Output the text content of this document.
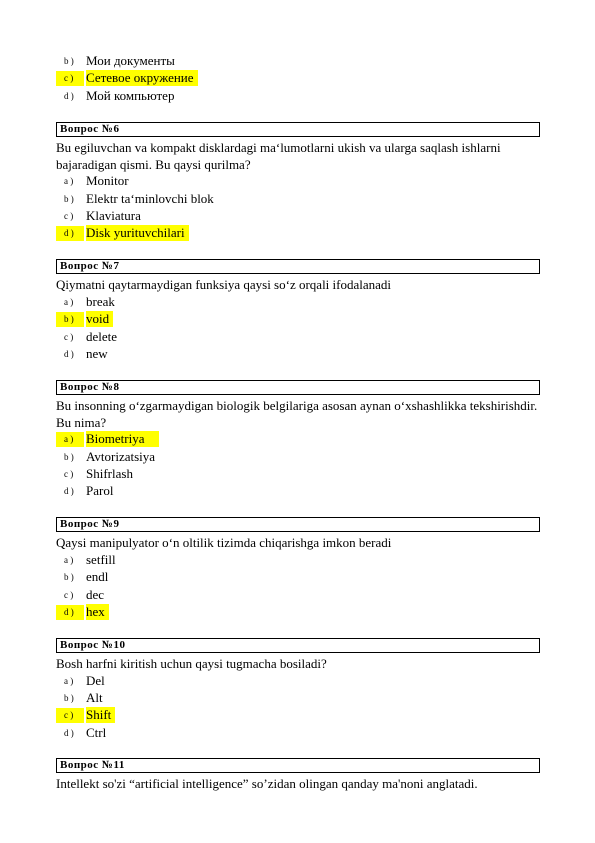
b ) Мои документы
c ) Сетевое окружение
d ) Мой компьютер
Вопрос №6
Bu egiluvchan va kompakt disklardagi ma‘lumotlarni ukish va ularga saqlash ishlarni bajaradigan qismi. Bu qaysi qurilma?
a ) Monitor
b ) Elektr ta‘minlovchi blok
c ) Klaviatura
d ) Disk yurituvchilari
Вопрос №7
Qiymatni qaytarmaydigan funksiya qaysi so‘z orqali ifodalanadi
a ) break
b ) void
c ) delete
d ) new
Вопрос №8
Bu insonning o‘zgarmaydigan biologik belgilariga asosan aynan o‘xshashlikka tekshirishdir. Bu nima?
a ) Biometriya
b ) Avtorizatsiya
c ) Shifrlash
d ) Parol
Вопрос №9
Qaysi manipulyator o‘n oltilik tizimda chiqarishga imkon beradi
a ) setfill
b ) endl
c ) dec
d ) hex
Вопрос №10
Bosh harfni kiritish uchun qaysi tugmacha bosiladi?
a ) Del
b ) Alt
c ) Shift
d ) Ctrl
Вопрос №11
Intellekt so'zi “artificial intelligence” so’zidan olingan qanday ma'noni anglatadi.
